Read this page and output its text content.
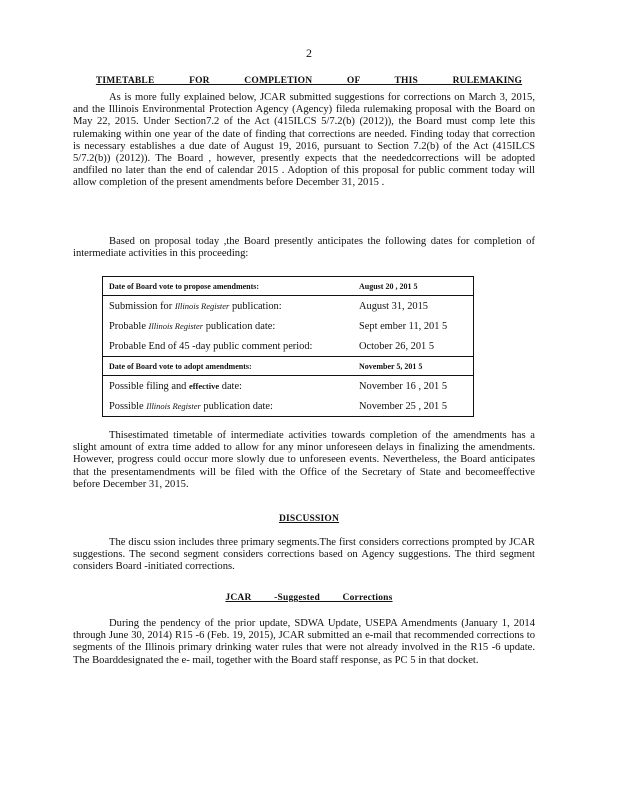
2
TIMETABLE FOR COMPLETION OF THIS RULEMAKING

As is more fully explained below, JCAR submitted suggestions for corrections on March 3, 2015, and the Illinois Environmental Protection Agency (Agency) fileda rulemaking proposal with the Board on May 22, 2015. Under Section7.2 of the Act (415ILCS 5/7.2(b) (2012)), the Board must comp lete this rulemaking within one year of the date of finding that corrections are needed. Finding today that correction is necessary establishes a due date of August 19, 2016, pursuant to Section 7.2(b) of the Act (415ILCS 5/7.2(b)) (2012)). The Board , however, presently expects that the neededcorrections will be adopted andfiled no later than the end of calendar 2015 . Adoption of this proposal for public comment today will allow completion of the present amendments before December 31, 2015 .

Based on proposal today ,the Board presently anticipates the following dates for completion of intermediate activities in this proceeding:

Date of Board vote to propose amendments:	August 20 , 201 5
Submission for Illinois Register publication:	August 31, 2015
Probable Illinois Register publication date:	Sept ember 11, 201 5
Probable End of 45 -day public comment period:	October 26, 201 5
Date of Board vote to adopt amendments:	November 5, 201 5
Possible filing and effective date:	November 16 , 201 5
Possible Illinois Register publication date:	November 25 , 201 5

Thisestimated timetable of intermediate activities towards completion of the amendments has a slight amount of extra time added to allow for any minor unforeseen delays in finalizing the amendments. However, progress could occur more slowly due to unforeseen events. Nevertheless, the Board anticipates that the presentamendments will be filed with the Office of the Secretary of State and becomeeffective before December 31, 2015.

DISCUSSION

The discu ssion includes three primary segments.The first considers corrections prompted by JCAR suggestions. The second segment considers corrections based on Agency suggestions. The third segment considers Board -initiated corrections.

JCAR -Suggested Corrections

During the pendency of the prior update, SDWA Update, USEPA Amendments (January 1, 2014 through June 30, 2014) R15 -6 (Feb. 19, 2015), JCAR submitted an e-mail that recommended corrections to segments of the Illinois primary drinking water rules that were not already involved in the R15 -6 update. The Boarddesignated the e- mail, together with the Board staff response, as PC 5 in that docket.
